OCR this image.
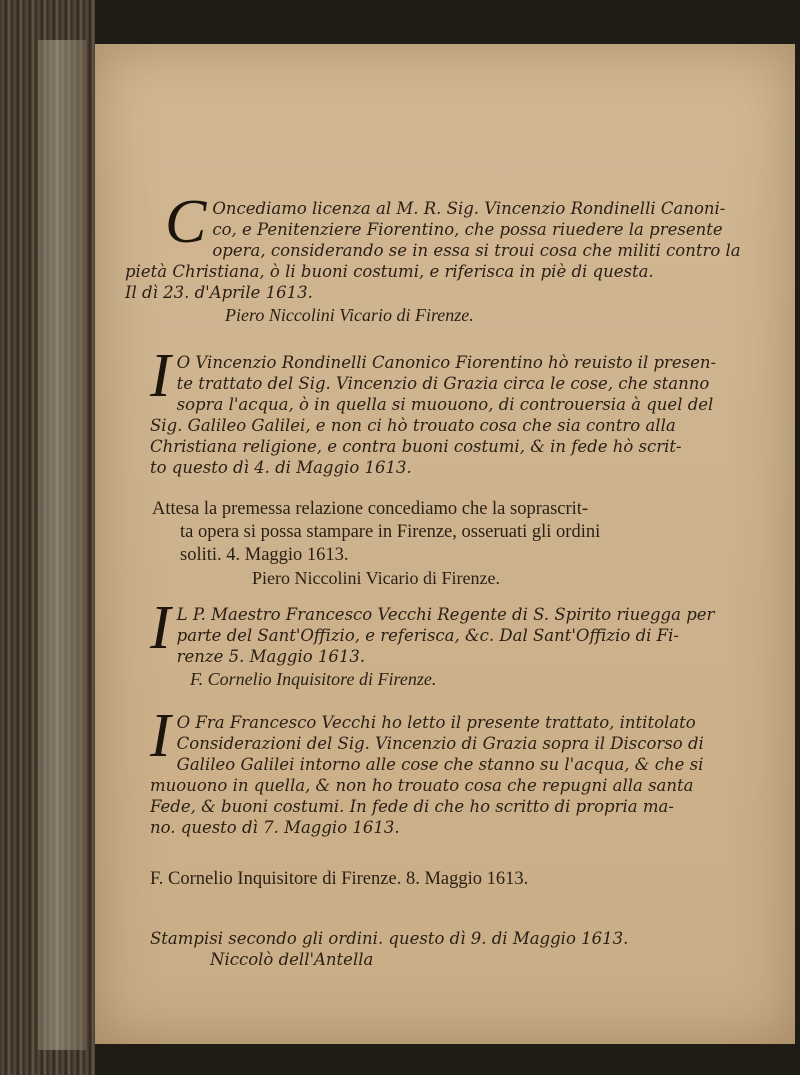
C Oncediamo licenza al M. R. Sig. Vincenzio Rondinelli Canoni-
co, e Penitenziere Fiorentino, che possa riuedere la presente
opera, considerando se in essa si troui cosa che militi contro la
pietà Christiana, ò li buoni costumi, e riferisca in piè di questa.
Il dì 23. d'Aprile 1613.
Piero Niccolini Vicario di Firenze.
I O Vincenzio Rondinelli Canonico Fiorentino hò reuisto il presen-
te trattato del Sig. Vincenzio di Grazia circa le cose, che stanno
sopra l'acqua, ò in quella si muouono, di controuersia à quel del
Sig. Galileo Galilei, e non ci hò trouato cosa che sia contro alla
Christiana religione, e contra buoni costumi, & in fede hò scrit-
to questo dì 4. di Maggio 1613.
Attesa la premessa relazione concediamo che la soprascrit-
ta opera si possa stampare in Firenze, osseruati gli ordini
soliti. 4. Maggio 1613.
Piero Niccolini Vicario di Firenze.
I L P. Maestro Francesco Vecchi Regente di S. Spirito riuegga per
parte del Sant'Offizio, e referisca, &c. Dal Sant'Offizio di Fi-
renze 5. Maggio 1613.
F. Cornelio Inquisitore di Firenze.
I O Fra Francesco Vecchi ho letto il presente trattato, intitolato
Considerazioni del Sig. Vincenzio di Grazia sopra il Discorso di
Galileo Galilei intorno alle cose che stanno su l'acqua, & che si
muouono in quella, & non ho trouato cosa che repugni alla santa
Fede, & buoni costumi. In fede di che ho scritto di propria ma-
no. questo dì 7. Maggio 1613.
F. Cornelio Inquisitore di Firenze. 8. Maggio 1613.
Stampisi secondo gli ordini. questo dì 9. di Maggio 1613.
Niccolò dell'Antella
